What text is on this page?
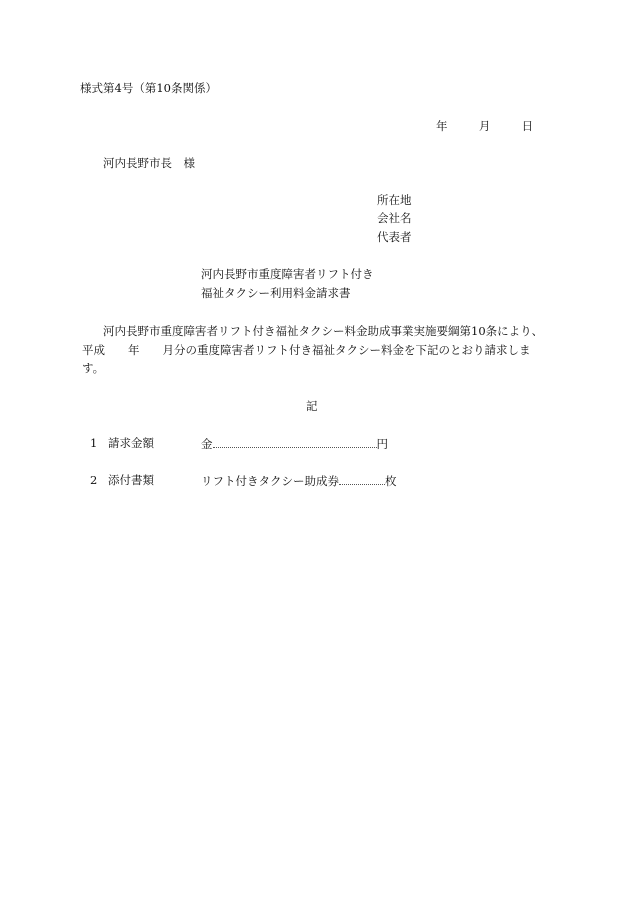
様式第4号（第10条関係）
年	月	日
河内長野市長　様
所在地
会社名
代表者
河内長野市重度障害者リフト付き
福祉タクシー利用料金請求書
河内長野市重度障害者リフト付き福祉タクシー料金助成事業実施要綱第10条により、
平成　　年　　月分の重度障害者リフト付き福祉タクシー料金を下記のとおり請求しま
す。
記
1 請求金額	金	円
2 添付書類	リフト付きタクシー助成券	枚
